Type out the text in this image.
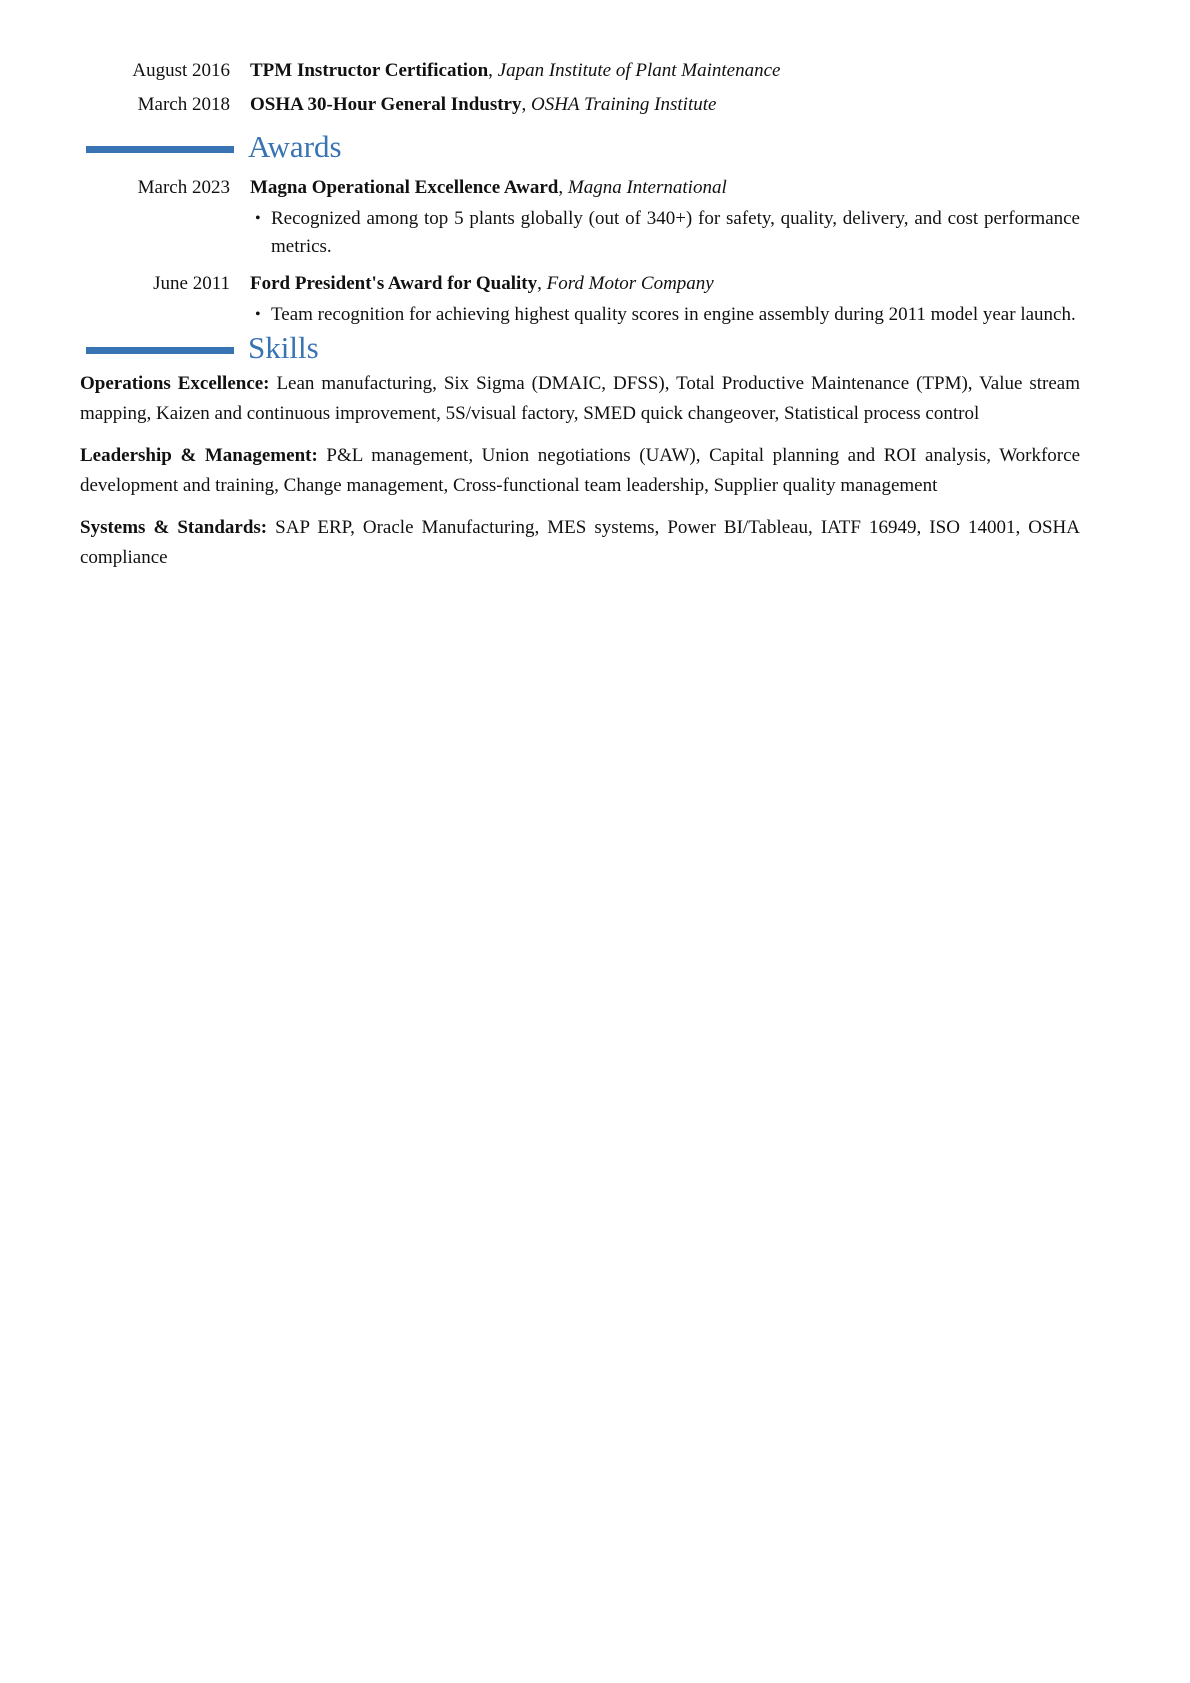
August 2016 TPM Instructor Certification, Japan Institute of Plant Maintenance
March 2018 OSHA 30-Hour General Industry, OSHA Training Institute
Awards
March 2023 Magna Operational Excellence Award, Magna International
• Recognized among top 5 plants globally (out of 340+) for safety, quality, delivery, and cost performance metrics.
June 2011 Ford President's Award for Quality, Ford Motor Company
• Team recognition for achieving highest quality scores in engine assembly during 2011 model year launch.
Skills

Operations Excellence: Lean manufacturing, Six Sigma (DMAIC, DFSS), Total Productive Maintenance (TPM), Value stream mapping, Kaizen and continuous improvement, 5S/visual factory, SMED quick changeover, Statistical process control

Leadership & Management: P&L management, Union negotiations (UAW), Capital planning and ROI analysis, Workforce development and training, Change management, Cross-functional team leadership, Supplier quality management

Systems & Standards: SAP ERP, Oracle Manufacturing, MES systems, Power BI/Tableau, IATF 16949, ISO 14001, OSHA compliance
